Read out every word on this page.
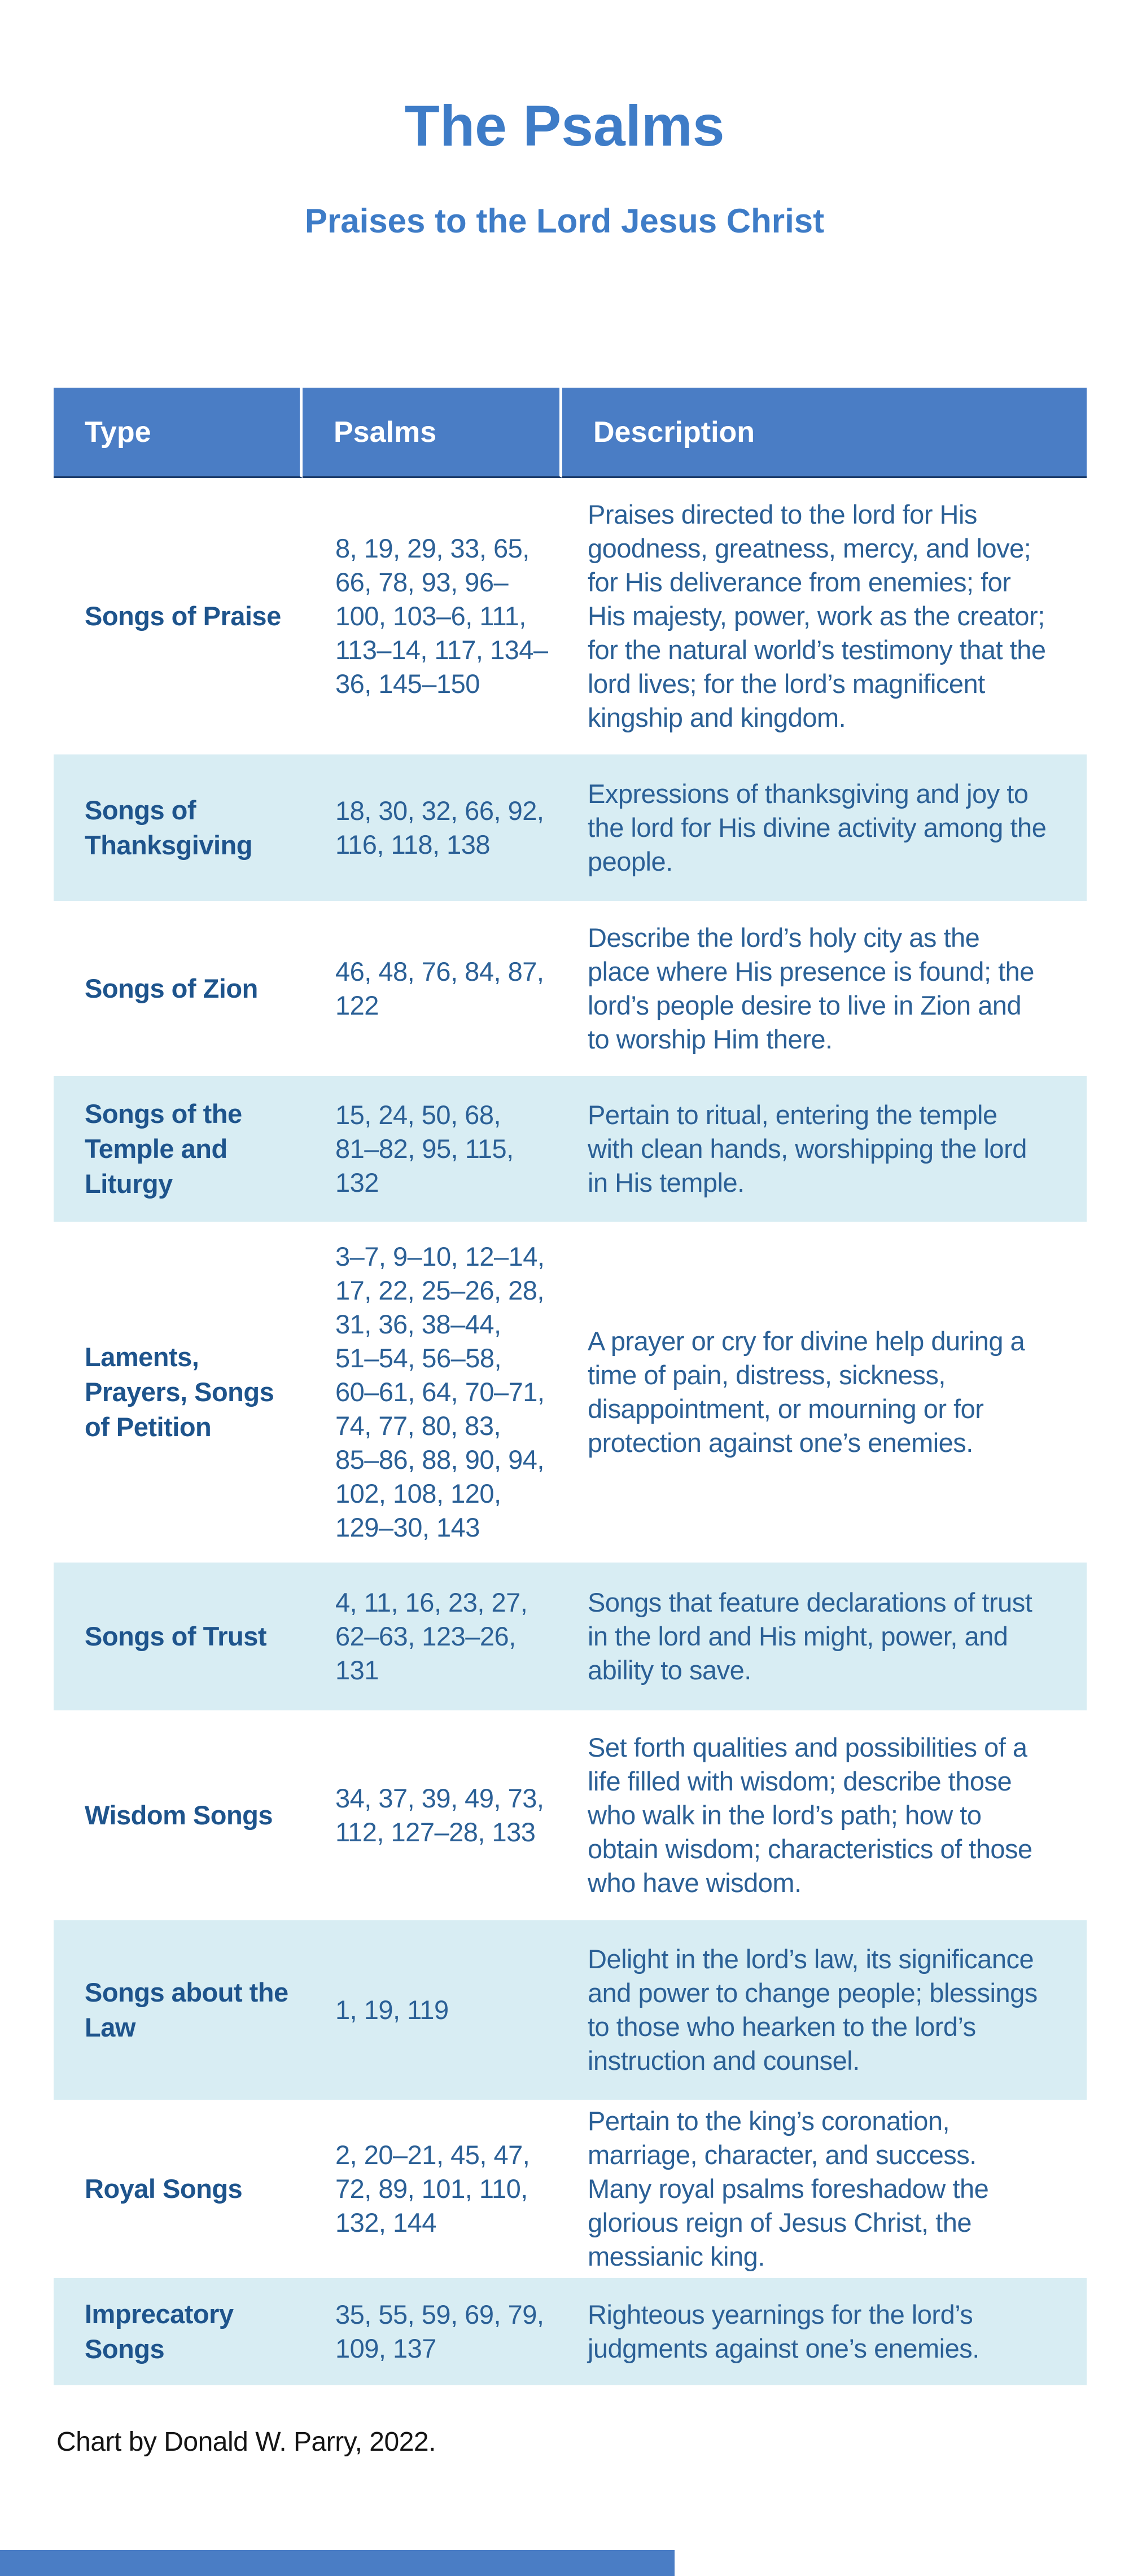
The Psalms
Praises to the Lord Jesus Christ
Type	Psalms	Description
Songs of Praise	8, 19, 29, 33, 65, 66, 78, 93, 96–100, 103–6, 111, 113–14, 117, 134–36, 145–150	Praises directed to the lord for His goodness, greatness, mercy, and love; for His deliverance from enemies; for His majesty, power, work as the creator; for the natural world’s testimony that the lord lives; for the lord’s magnificent kingship and kingdom.
Songs of Thanksgiving	18, 30, 32, 66, 92, 116, 118, 138	Expressions of thanksgiving and joy to the lord for His divine activity among the people.
Songs of Zion	46, 48, 76, 84, 87, 122	Describe the lord’s holy city as the place where His presence is found; the lord’s people desire to live in Zion and to worship Him there.
Songs of the Temple and Liturgy	15, 24, 50, 68, 81–82, 95, 115, 132	Pertain to ritual, entering the temple with clean hands, worshipping the lord in His temple.
Laments, Prayers, Songs of Petition	3–7, 9–10, 12–14, 17, 22, 25–26, 28, 31, 36, 38–44, 51–54, 56–58, 60–61, 64, 70–71, 74, 77, 80, 83, 85–86, 88, 90, 94, 102, 108, 120, 129–30, 143	A prayer or cry for divine help during a time of pain, distress, sickness, disappointment, or mourning or for protection against one’s enemies.
Songs of Trust	4, 11, 16, 23, 27, 62–63, 123–26, 131	Songs that feature declarations of trust in the lord and His might, power, and ability to save.
Wisdom Songs	34, 37, 39, 49, 73, 112, 127–28, 133	Set forth qualities and possibilities of a life filled with wisdom; describe those who walk in the lord’s path; how to obtain wisdom; characteristics of those who have wisdom.
Songs about the Law	1, 19, 119	Delight in the lord’s law, its significance and power to change people; blessings to those who hearken to the lord’s instruction and counsel.
Royal Songs	2, 20–21, 45, 47, 72, 89, 101, 110, 132, 144	Pertain to the king’s coronation, marriage, character, and success. Many royal psalms foreshadow the glorious reign of Jesus Christ, the messianic king.
Imprecatory Songs	35, 55, 59, 69, 79, 109, 137	Righteous yearnings for the lord’s judgments against one’s enemies.

Chart by Donald W. Parry, 2022.
